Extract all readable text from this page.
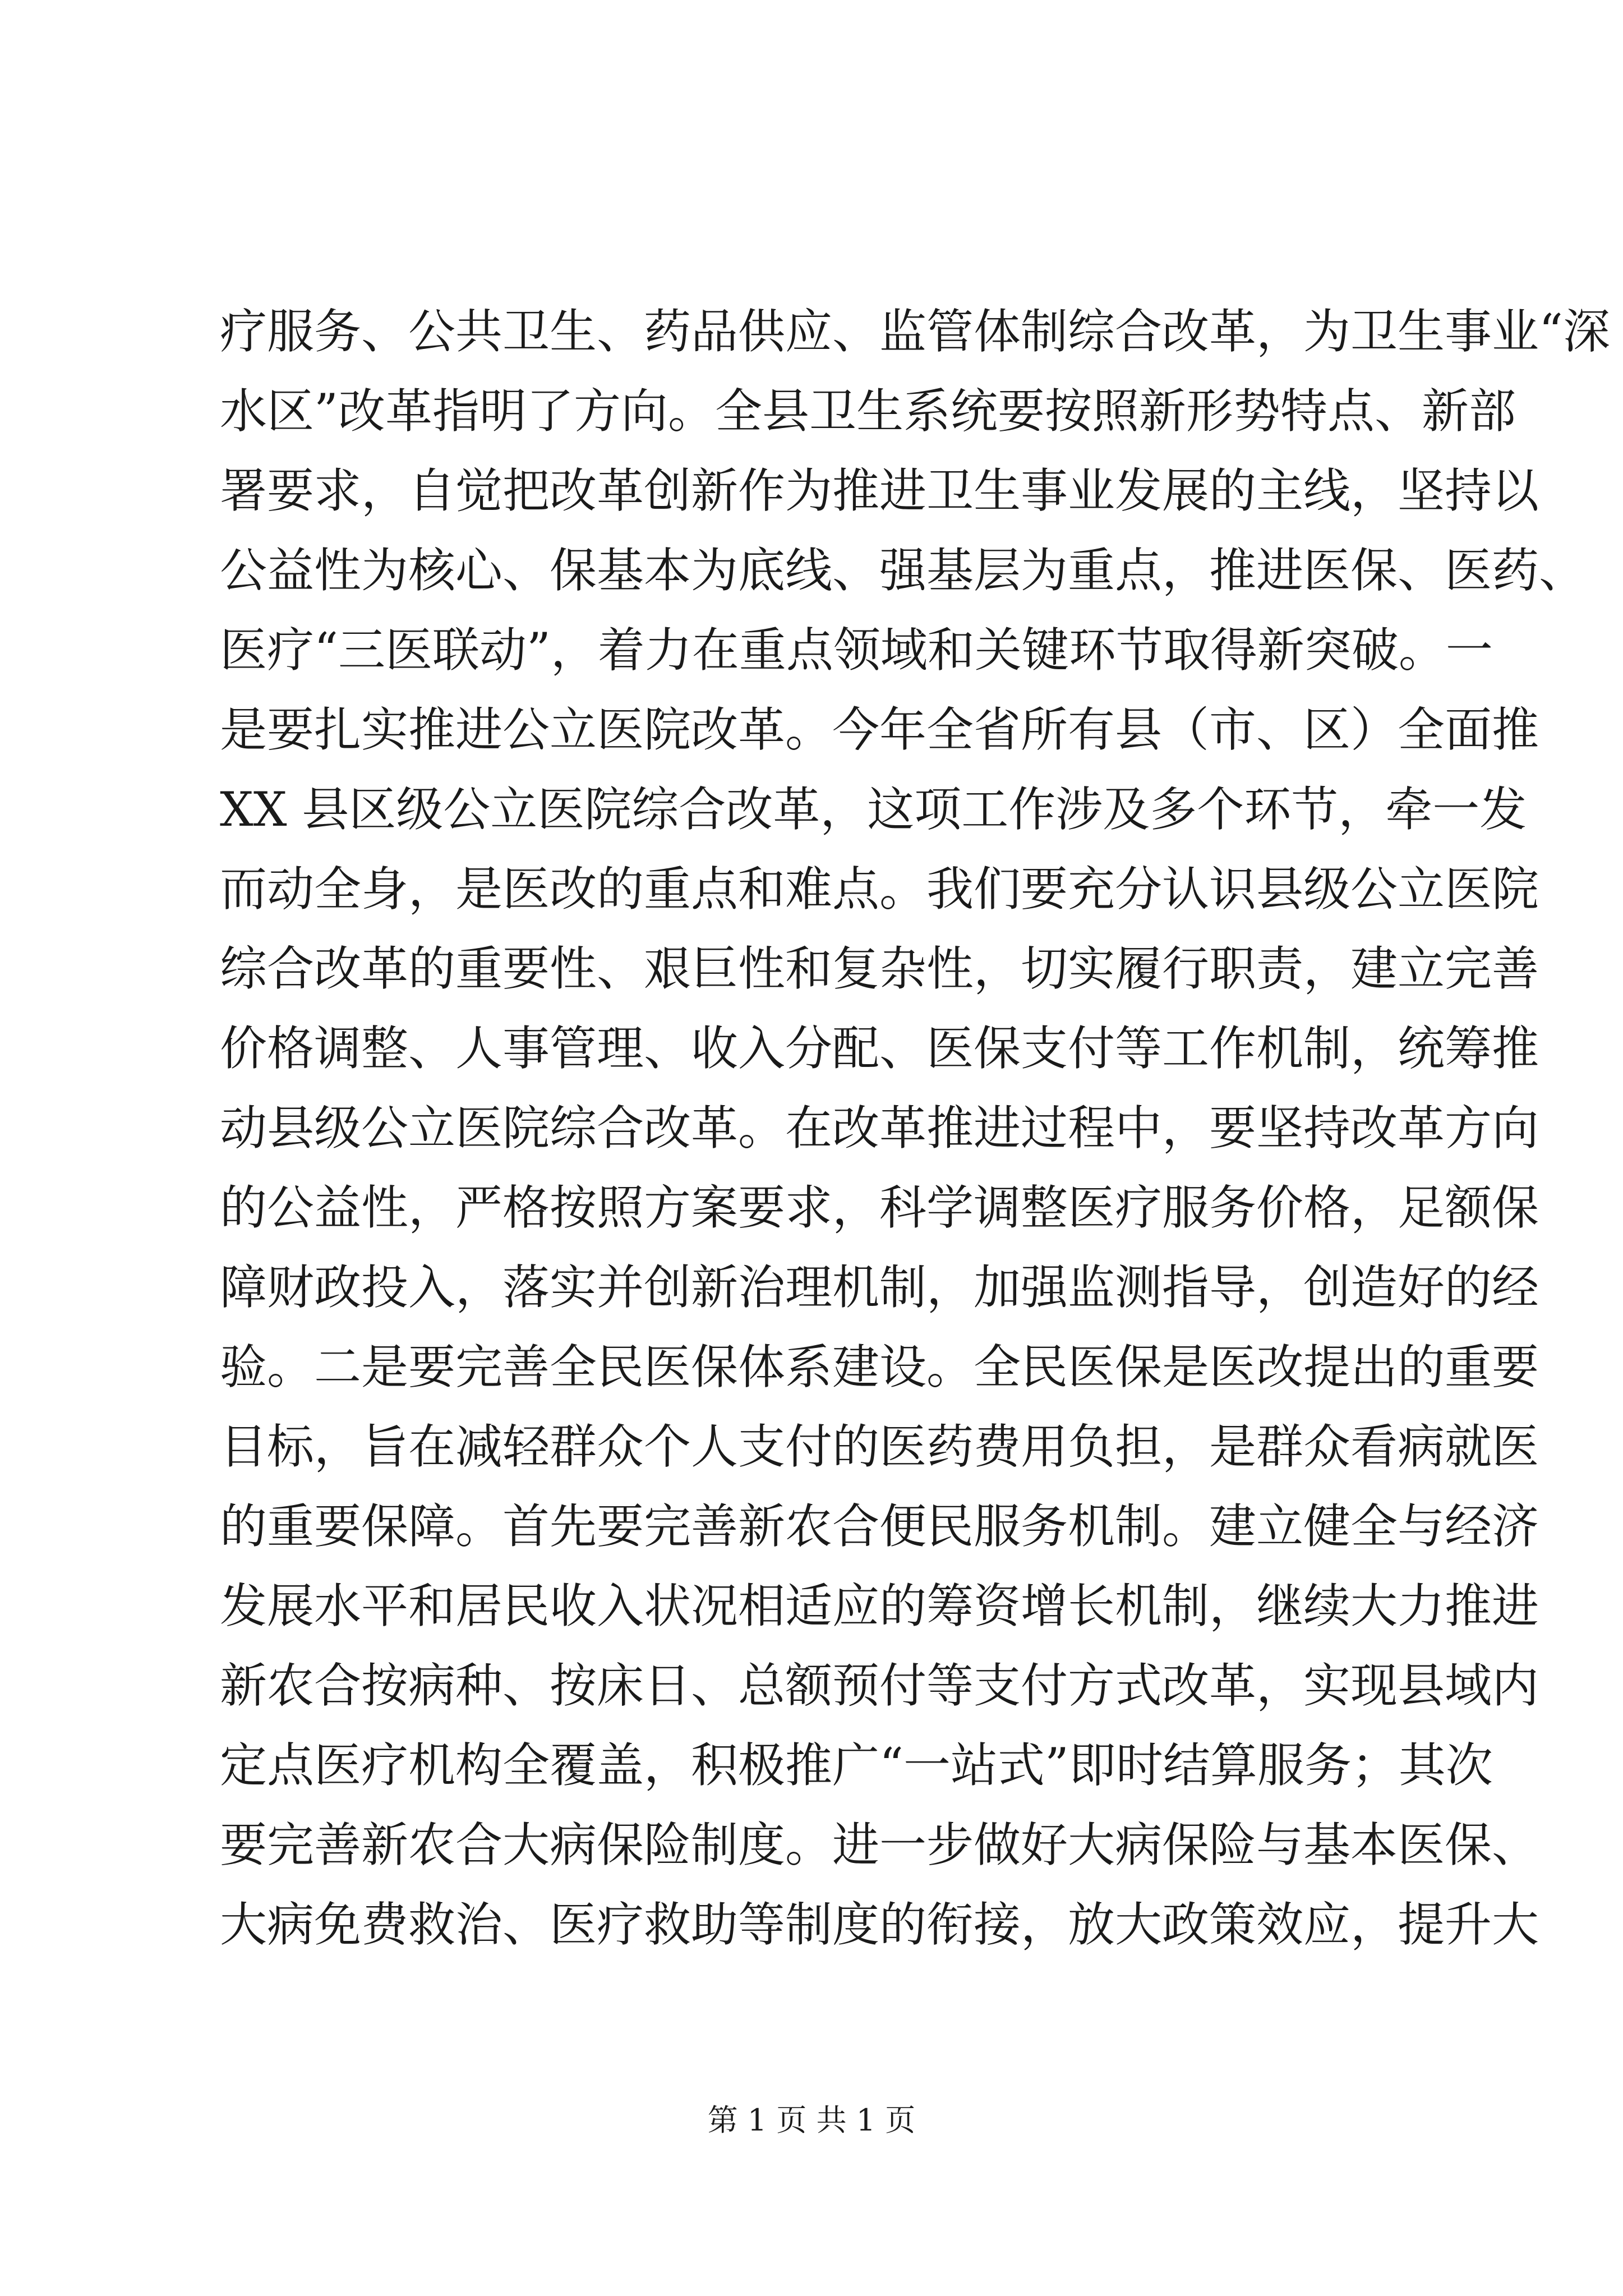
疗服务、公共卫生、药品供应、监管体制综合改革，为卫生事业“深
水区”改革指明了方向。全县卫生系统要按照新形势特点、新部
署要求，自觉把改革创新作为推进卫生事业发展的主线，坚持以
公益性为核心、保基本为底线、强基层为重点，推进医保、医药、
医疗“三医联动”，着力在重点领域和关键环节取得新突破。一
是要扎实推进公立医院改革。今年全省所有县（市、区）全面推
XX 县区级公立医院综合改革，这项工作涉及多个环节，牵一发
而动全身，是医改的重点和难点。我们要充分认识县级公立医院
综合改革的重要性、艰巨性和复杂性，切实履行职责，建立完善
价格调整、人事管理、收入分配、医保支付等工作机制，统筹推
动县级公立医院综合改革。在改革推进过程中，要坚持改革方向
的公益性，严格按照方案要求，科学调整医疗服务价格，足额保
障财政投入，落实并创新治理机制，加强监测指导，创造好的经
验。二是要完善全民医保体系建设。全民医保是医改提出的重要
目标，旨在减轻群众个人支付的医药费用负担，是群众看病就医
的重要保障。首先要完善新农合便民服务机制。建立健全与经济
发展水平和居民收入状况相适应的筹资增长机制，继续大力推进
新农合按病种、按床日、总额预付等支付方式改革，实现县域内
定点医疗机构全覆盖，积极推广“一站式”即时结算服务；其次
要完善新农合大病保险制度。进一步做好大病保险与基本医保、
大病免费救治、医疗救助等制度的衔接，放大政策效应，提升大
第 1 页 共 1 页
